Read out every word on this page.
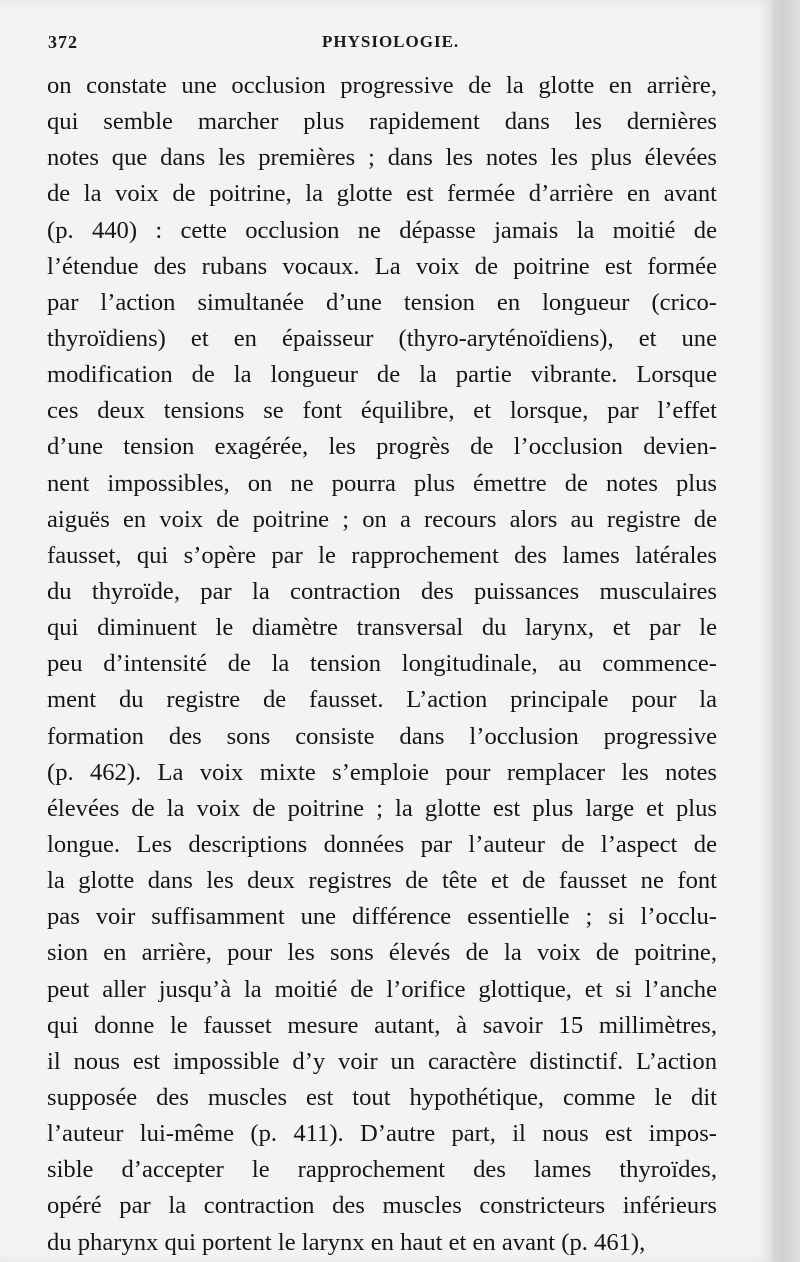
372	PHYSIOLOGIE.
on constate une occlusion progressive de la glotte en arrière,
qui semble marcher plus rapidement dans les dernières
notes que dans les premières ; dans les notes les plus élevées
de la voix de poitrine, la glotte est fermée d’arrière en avant
(p. 440) : cette occlusion ne dépasse jamais la moitié de
l’étendue des rubans vocaux. La voix de poitrine est formée
par l’action simultanée d’une tension en longueur (crico-
thyroïdiens) et en épaisseur (thyro-aryténoïdiens), et une
modification de la longueur de la partie vibrante. Lorsque
ces deux tensions se font équilibre, et lorsque, par l’effet
d’une tension exagérée, les progrès de l’occlusion devien-
nent impossibles, on ne pourra plus émettre de notes plus
aiguës en voix de poitrine ; on a recours alors au registre de
fausset, qui s’opère par le rapprochement des lames latérales
du thyroïde, par la contraction des puissances musculaires
qui diminuent le diamètre transversal du larynx, et par le
peu d’intensité de la tension longitudinale, au commence-
ment du registre de fausset. L’action principale pour la
formation des sons consiste dans l’occlusion progressive
(p. 462). La voix mixte s’emploie pour remplacer les notes
élevées de la voix de poitrine ; la glotte est plus large et plus
longue. Les descriptions données par l’auteur de l’aspect de
la glotte dans les deux registres de tête et de fausset ne font
pas voir suffisamment une différence essentielle ; si l’occlu-
sion en arrière, pour les sons élevés de la voix de poitrine,
peut aller jusqu’à la moitié de l’orifice glottique, et si l’anche
qui donne le fausset mesure autant, à savoir 15 millimètres,
il nous est impossible d’y voir un caractère distinctif. L’action
supposée des muscles est tout hypothétique, comme le dit
l’auteur lui-même (p. 411). D’autre part, il nous est impos-
sible d’accepter le rapprochement des lames thyroïdes,
opéré par la contraction des muscles constricteurs inférieurs
du pharynx qui portent le larynx en haut et en avant (p. 461),
